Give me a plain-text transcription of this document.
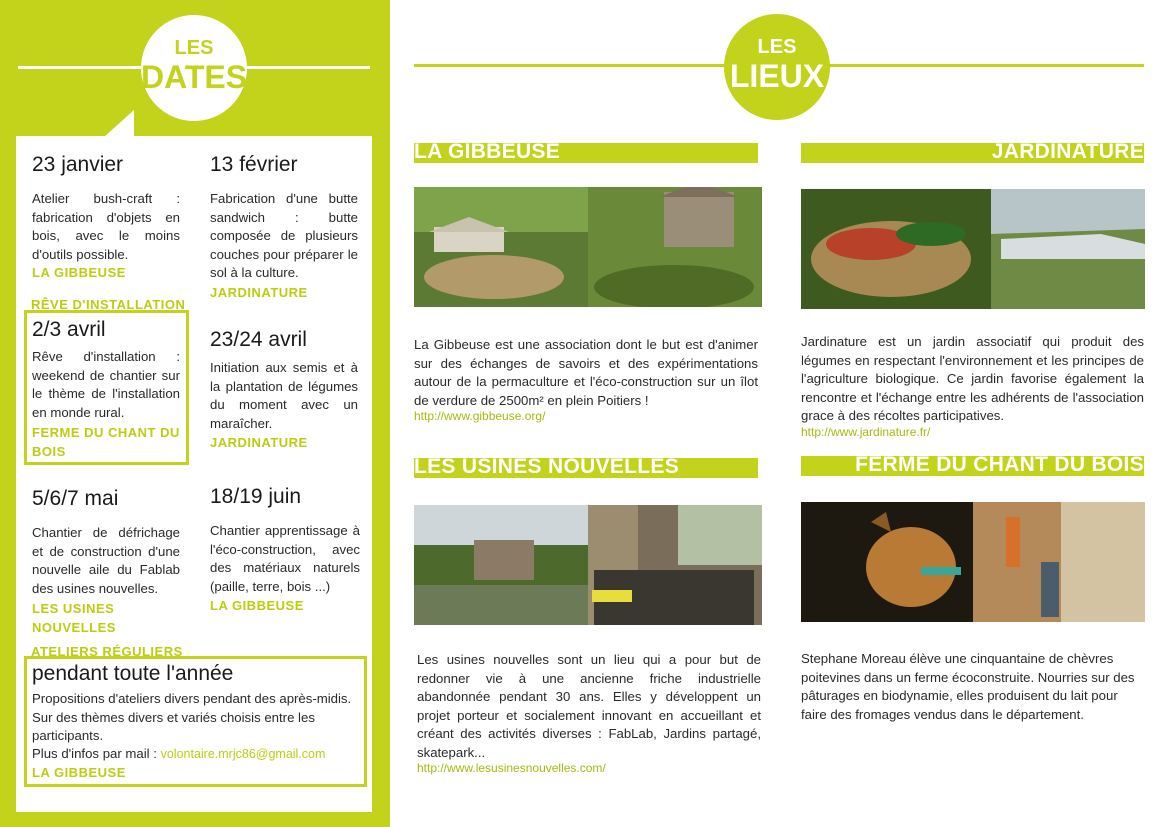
LES
DATES
23 janvier
Atelier bush-craft : fabrication d'objets en bois, avec le moins d'outils possible.
LA GIBBEUSE
13 février
Fabrication d'une butte sandwich : butte composée de plusieurs couches pour préparer le sol à la culture.
JARDINATURE
RÊVE D'INSTALLATION
2/3 avril
Rêve d'installation : weekend de chantier sur le thème de l'installation en monde rural.
FERME DU CHANT DU BOIS
23/24 avril
Initiation aux semis et à la plantation de légumes du moment avec un maraîcher.
JARDINATURE
5/6/7 mai
Chantier de défrichage et de construction d'une nouvelle aile du Fablab des usines nouvelles.
LES USINES NOUVELLES
18/19 juin
Chantier apprentissage à l'éco-construction, avec des matériaux naturels (paille, terre, bois ...)
LA GIBBEUSE
ATELIERS RÉGULIERS
pendant toute l'année
Propositions d'ateliers divers pendant des après-midis. Sur des thèmes divers et variés choisis entre les participants.
Plus d'infos par mail : volontaire.mrjc86@gmail.com
LA GIBBEUSE
LES
LIEUX
LA GIBBEUSE
La Gibbeuse est une association dont le but est d'animer sur des échanges de savoirs et des expérimentations autour de la permaculture et l'éco-construction sur un îlot de verdure de 2500m² en plein Poitiers !
http://www.gibbeuse.org/
JARDINATURE
Jardinature est un jardin associatif qui produit des légumes en respectant l'environnement et les principes de l'agriculture biologique. Ce jardin favorise également la rencontre et l'échange entre les adhérents de l'association grace à des récoltes participatives.
http://www.jardinature.fr/
LES USINES NOUVELLES
Les usines nouvelles sont un lieu qui a pour but de redonner vie à une ancienne friche industrielle abandonnée pendant 30 ans. Elles y développent un projet porteur et socialement innovant en accueillant et créant des activités diverses : FabLab, Jardins partagé, skatepark...
http://www.lesusinesnouvelles.com/
FERME DU CHANT DU BOIS
Stephane Moreau élève une cinquantaine de chèvres poitevines dans un ferme écoconstruite. Nourries sur des pâturages en biodynamie, elles produisent du lait pour faire des fromages vendus dans le département.
